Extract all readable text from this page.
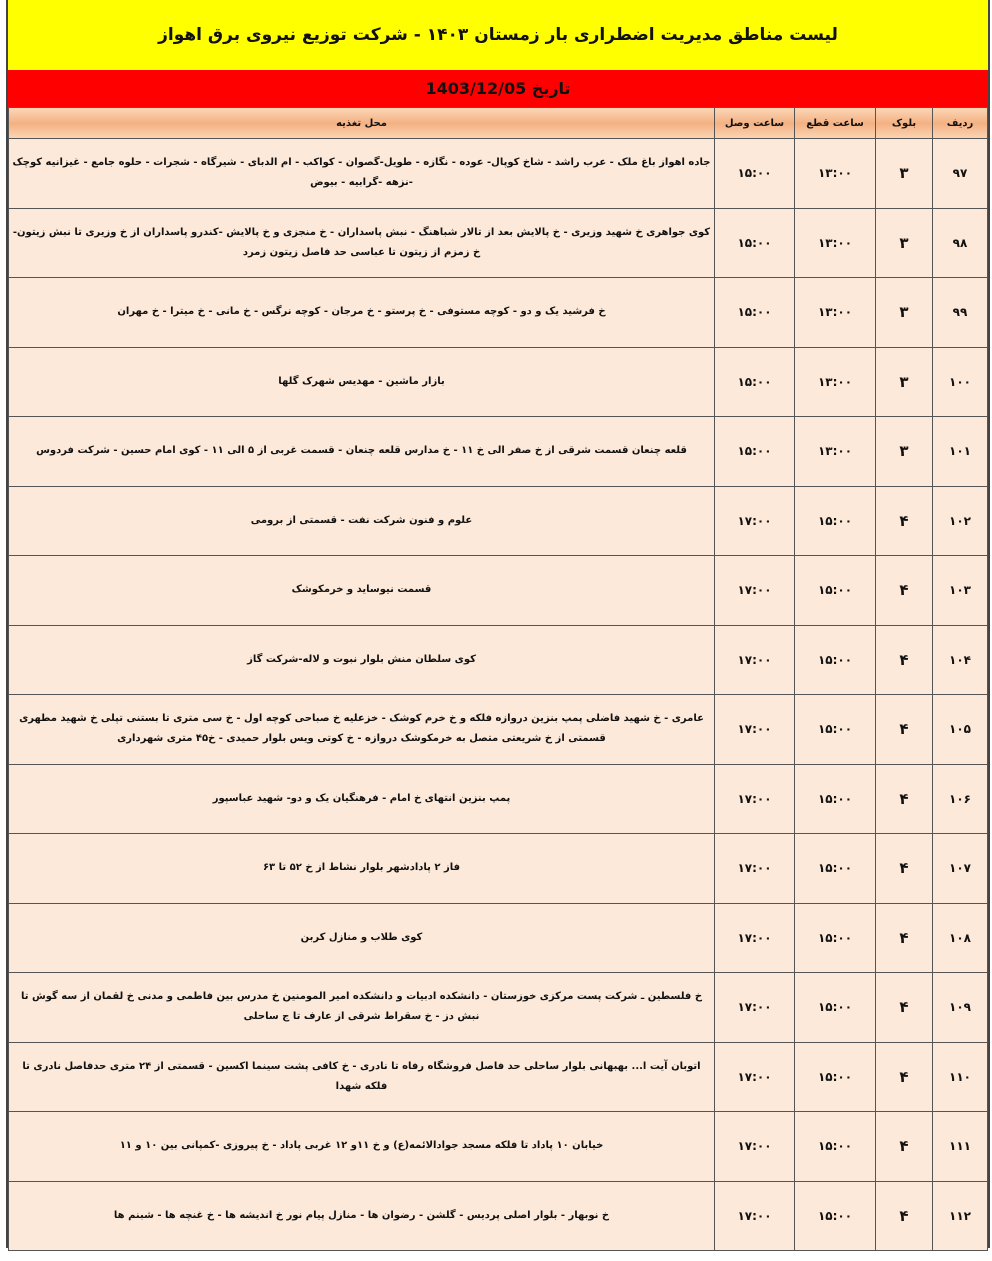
لیست مناطق مدیریت اضطراری بار زمستان ۱۴۰۳ - شرکت توزیع نیروی برق اهواز
تاریخ 1403/12/05
ردیف	بلوک	ساعت قطع	ساعت وصل	محل تغذیه
۹۷	۳	۱۳:۰۰	۱۵:۰۰	جاده اهواز باغ ملک - عرب راشد - شاخ کوپال- عوده - نگازه - طویل-گصوان - کواکب - ام الدبای - شیرگاه - شجرات - حلوه جامع - غیزانیه کوچک -نزهه -گرابیه - بیوض
۹۸	۳	۱۳:۰۰	۱۵:۰۰	کوی جواهری خ شهید وزیری - خ پالایش بعد از تالار شباهنگ - نبش پاسداران - خ منجزی و خ پالایش -کندرو پاسداران از خ وزیری تا نبش زیتون- خ زمزم از زیتون تا عباسی حد فاصل زیتون زمرد
۹۹	۳	۱۳:۰۰	۱۵:۰۰	خ فرشید یک و دو - کوچه مستوفی - خ پرستو - خ مرجان - کوچه نرگس - خ مانی - خ میترا - خ مهران
۱۰۰	۳	۱۳:۰۰	۱۵:۰۰	بازار ماشین - مهدیس شهرک گلها
۱۰۱	۳	۱۳:۰۰	۱۵:۰۰	قلعه چنعان قسمت شرقی از خ صفر الی خ ۱۱ - خ مدارس قلعه چنعان - قسمت غربی از ۵ الی ۱۱ - کوی امام حسین - شرکت فردوس
۱۰۲	۴	۱۵:۰۰	۱۷:۰۰	علوم و فنون شرکت نفت - قسمتی از برومی
۱۰۳	۴	۱۵:۰۰	۱۷:۰۰	قسمت نیوساید و خرمکوشک
۱۰۴	۴	۱۵:۰۰	۱۷:۰۰	کوی سلطان منش بلوار نبوت و لاله-شرکت گاز
۱۰۵	۴	۱۵:۰۰	۱۷:۰۰	عامری - خ شهید فاضلی پمپ بنزین دروازه فلکه و خ خرم کوشک - خزعلیه خ صباحی کوچه اول - خ سی متری تا بستنی تپلی خ شهید مطهری قسمتی از خ شریعتی متصل به خرمکوشک دروازه - خ کوتی ویس بلوار حمیدی - خ۴۵ متری شهرداری
۱۰۶	۴	۱۵:۰۰	۱۷:۰۰	پمپ بنزین انتهای خ امام - فرهنگیان یک و دو- شهید عباسپور
۱۰۷	۴	۱۵:۰۰	۱۷:۰۰	فاز ۲ پادادشهر بلوار نشاط از خ ۵۲ تا ۶۳
۱۰۸	۴	۱۵:۰۰	۱۷:۰۰	کوی طلاب و منازل کربن
۱۰۹	۴	۱۵:۰۰	۱۷:۰۰	خ فلسطین ـ شرکت پست مرکزی خوزستان - دانشکده ادبیات و دانشکده امیر المومنین خ مدرس بین فاطمی و مدنی خ لقمان از سه گوش تا نبش دز - خ سقراط شرقی از عارف تا ج ساحلی
۱۱۰	۴	۱۵:۰۰	۱۷:۰۰	اتوبان آیت ا... بهبهانی بلوار ساحلی حد فاصل فروشگاه رفاه تا نادری - خ کافی پشت سینما اکسین - قسمتی از ۲۴ متری حدفاصل نادری تا فلکه شهدا
۱۱۱	۴	۱۵:۰۰	۱۷:۰۰	خیابان ۱۰ پاداد تا فلکه مسجد جوادالائمه(ع) و خ ۱۱و ۱۲ غربی پاداد - خ پیروزی -کمپانی بین ۱۰ و ۱۱
۱۱۲	۴	۱۵:۰۰	۱۷:۰۰	خ نوبهار - بلوار اصلی پردیس - گلشن - رضوان ها - منازل پیام نور خ اندیشه ها - خ غنچه ها - شبنم ها
